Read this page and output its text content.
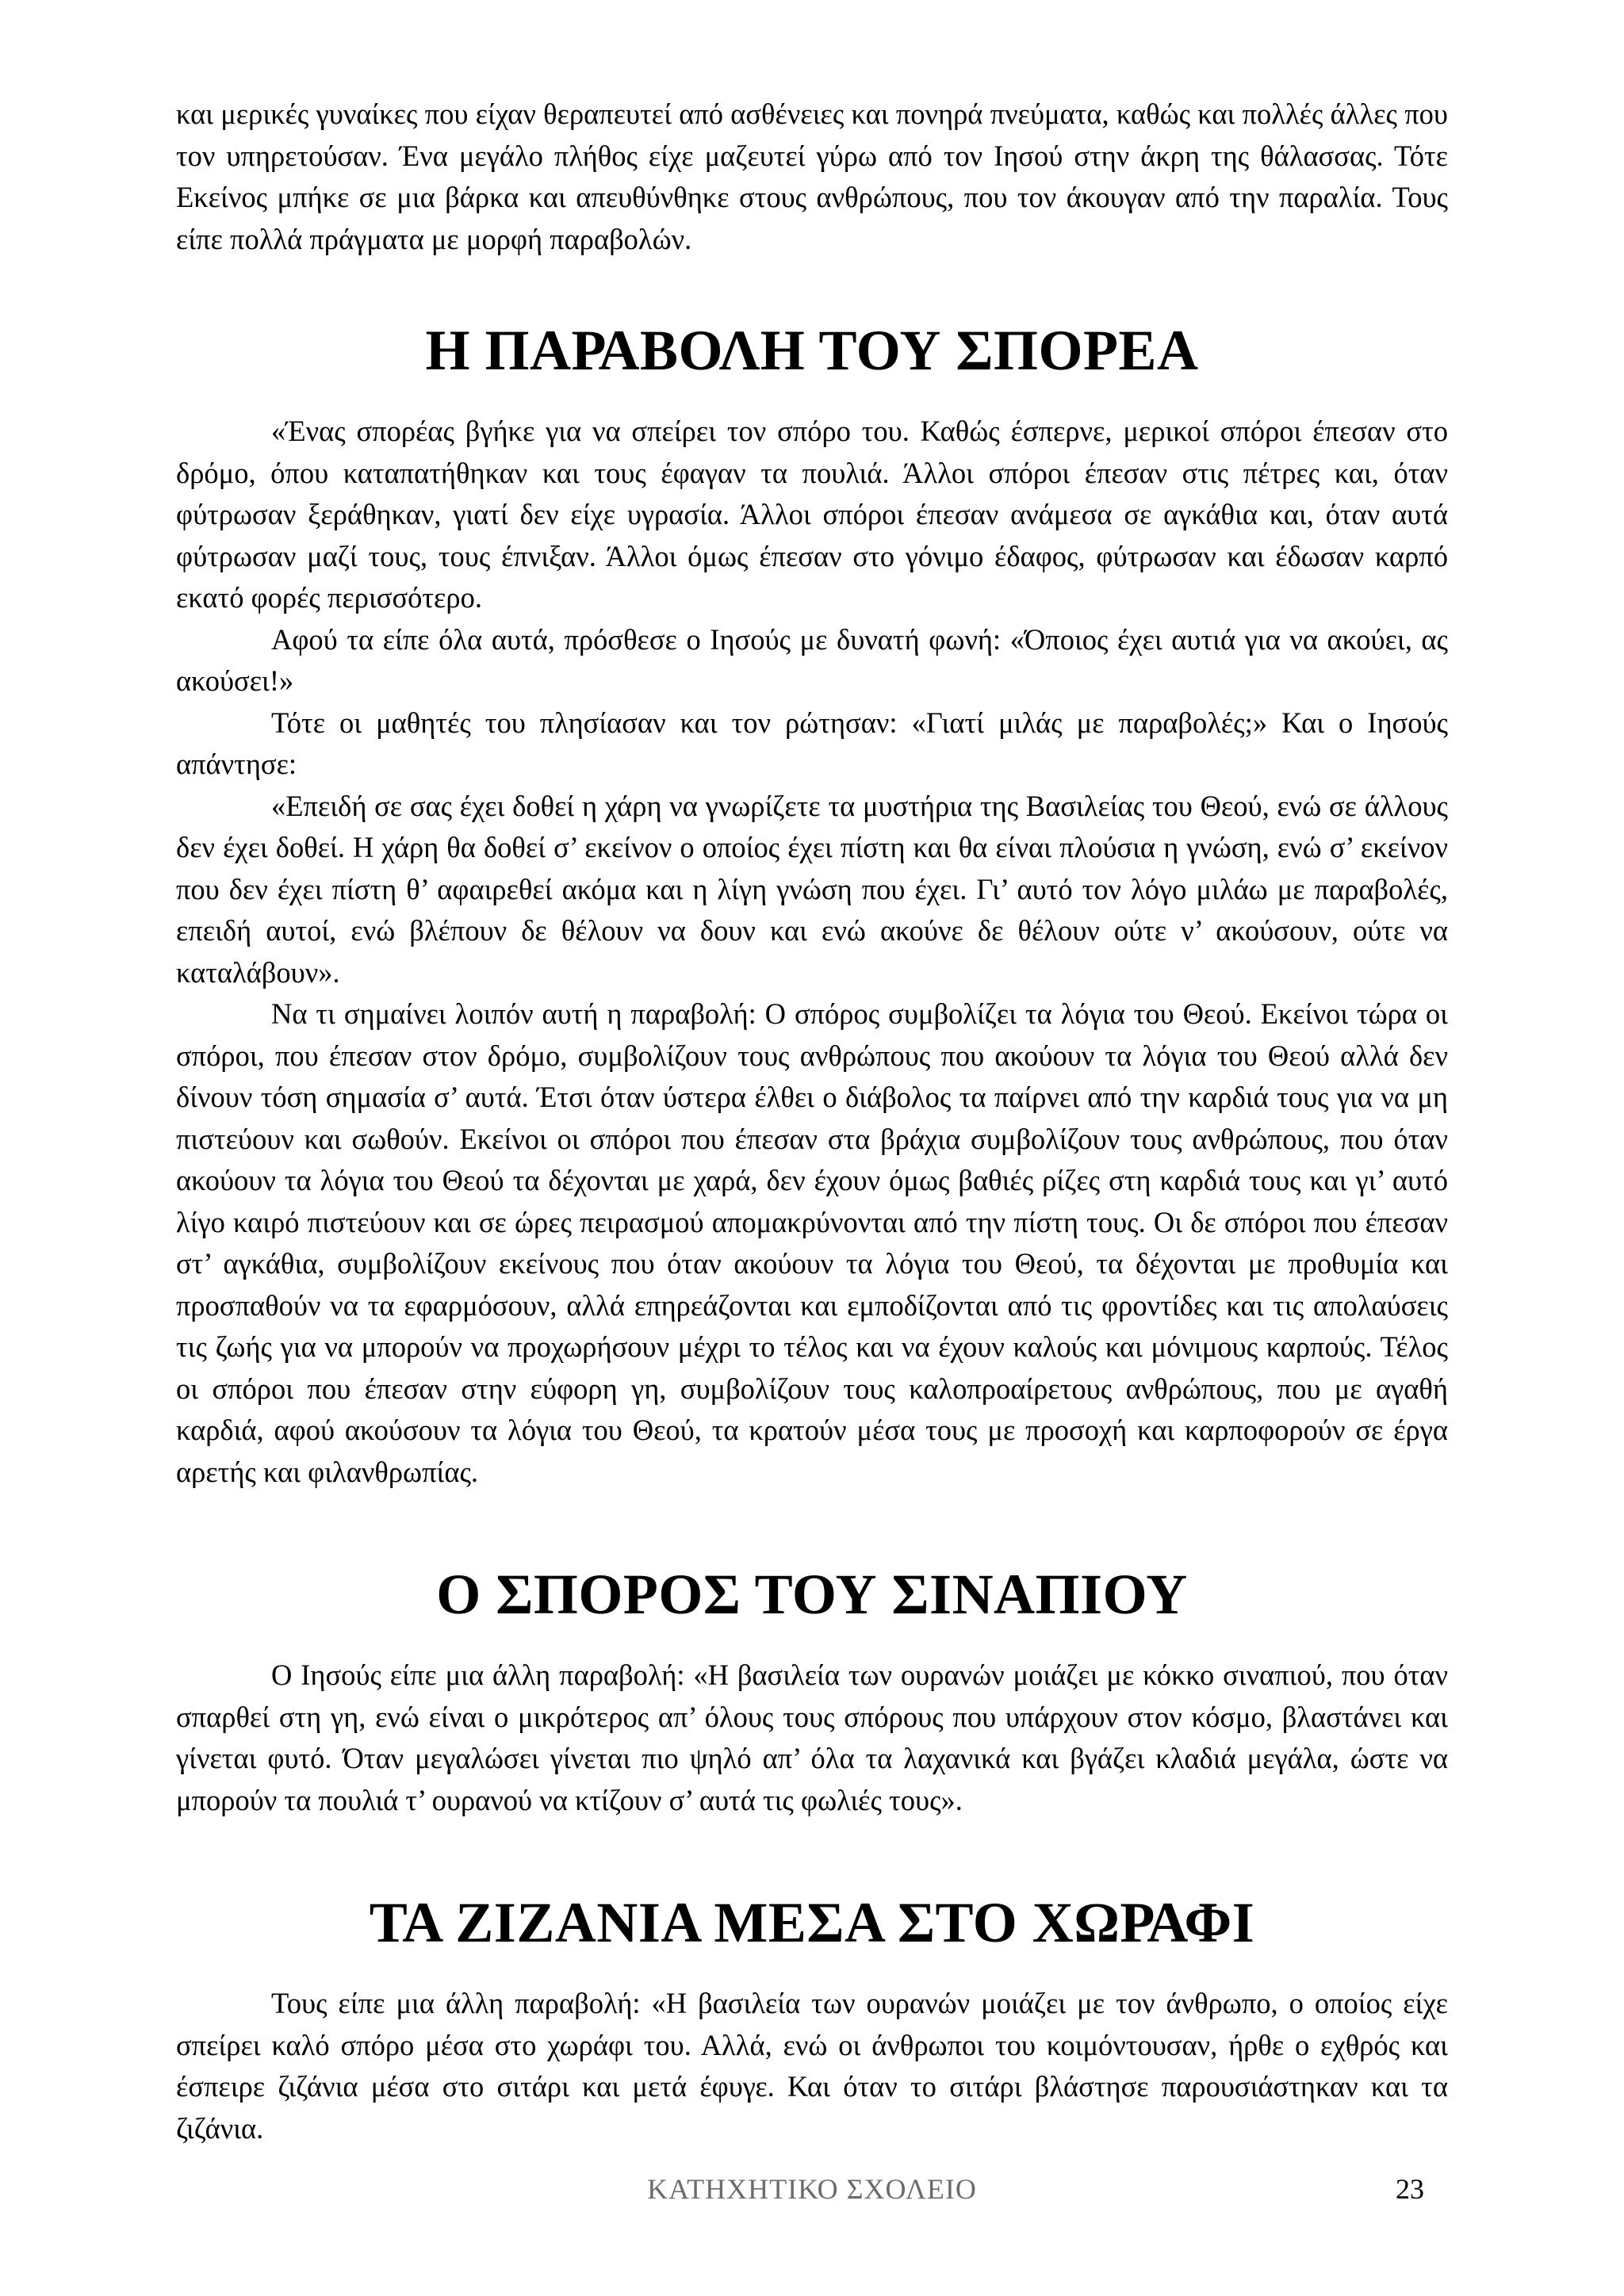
και μερικές γυναίκες που είχαν θεραπευτεί από ασθένειες και πονηρά πνεύματα, καθώς και πολλές άλλες που τον υπηρετούσαν. Ένα μεγάλο πλήθος είχε μαζευτεί γύρω από τον Ιησού στην άκρη της θάλασσας. Τότε Εκείνος μπήκε σε μια βάρκα και απευθύνθηκε στους ανθρώπους, που τον άκουγαν από την παραλία. Τους είπε πολλά πράγματα με μορφή παραβολών.

Η ΠΑΡΑΒΟΛΗ ΤΟΥ ΣΠΟΡΕΑ

«Ένας σπορέας βγήκε για να σπείρει τον σπόρο του. Καθώς έσπερνε, μερικοί σπόροι έπεσαν στο δρόμο, όπου καταπατήθηκαν και τους έφαγαν τα πουλιά. Άλλοι σπόροι έπεσαν στις πέτρες και, όταν φύτρωσαν ξεράθηκαν, γιατί δεν είχε υγρασία. Άλλοι σπόροι έπεσαν ανάμεσα σε αγκάθια και, όταν αυτά φύτρωσαν μαζί τους, τους έπνιξαν. Άλλοι όμως έπεσαν στο γόνιμο έδαφος, φύτρωσαν και έδωσαν καρπό εκατό φορές περισσότερο.

Αφού τα είπε όλα αυτά, πρόσθεσε ο Ιησούς με δυνατή φωνή: «Όποιος έχει αυτιά για να ακούει, ας ακούσει!»

Τότε οι μαθητές του πλησίασαν και τον ρώτησαν: «Γιατί μιλάς με παραβολές;» Και ο Ιησούς απάντησε:

«Επειδή σε σας έχει δοθεί η χάρη να γνωρίζετε τα μυστήρια της Βασιλείας του Θεού, ενώ σε άλλους δεν έχει δοθεί. Η χάρη θα δοθεί σ’ εκείνον ο οποίος έχει πίστη και θα είναι πλούσια η γνώση, ενώ σ’ εκείνον που δεν έχει πίστη θ’ αφαιρεθεί ακόμα και η λίγη γνώση που έχει. Γι’ αυτό τον λόγο μιλάω με παραβολές, επειδή αυτοί, ενώ βλέπουν δε θέλουν να δουν και ενώ ακούνε δε θέλουν ούτε ν’ ακούσουν, ούτε να καταλάβουν».

Να τι σημαίνει λοιπόν αυτή η παραβολή: Ο σπόρος συμβολίζει τα λόγια του Θεού. Εκείνοι τώρα οι σπόροι, που έπεσαν στον δρόμο, συμβολίζουν τους ανθρώπους που ακούουν τα λόγια του Θεού αλλά δεν δίνουν τόση σημασία σ’ αυτά. Έτσι όταν ύστερα έλθει ο διάβολος τα παίρνει από την καρδιά τους για να μη πιστεύουν και σωθούν. Εκείνοι οι σπόροι που έπεσαν στα βράχια συμβολίζουν τους ανθρώπους, που όταν ακούουν τα λόγια του Θεού τα δέχονται με χαρά, δεν έχουν όμως βαθιές ρίζες στη καρδιά τους και γι’ αυτό λίγο καιρό πιστεύουν και σε ώρες πειρασμού απομακρύνονται από την πίστη τους. Οι δε σπόροι που έπεσαν στ’ αγκάθια, συμβολίζουν εκείνους που όταν ακούουν τα λόγια του Θεού, τα δέχονται με προθυμία και προσπαθούν να τα εφαρμόσουν, αλλά επηρεάζονται και εμποδίζονται από τις φροντίδες και τις απολαύσεις τις ζωής για να μπορούν να προχωρήσουν μέχρι το τέλος και να έχουν καλούς και μόνιμους καρπούς. Τέλος οι σπόροι που έπεσαν στην εύφορη γη, συμβολίζουν τους καλοπροαίρετους ανθρώπους, που με αγαθή καρδιά, αφού ακούσουν τα λόγια του Θεού, τα κρατούν μέσα τους με προσοχή και καρποφορούν σε έργα αρετής και φιλανθρωπίας.

Ο ΣΠΟΡΟΣ ΤΟΥ ΣΙΝΑΠΙΟΥ

Ο Ιησούς είπε μια άλλη παραβολή: «Η βασιλεία των ουρανών μοιάζει με κόκκο σιναπιού, που όταν σπαρθεί στη γη, ενώ είναι ο μικρότερος απ’ όλους τους σπόρους που υπάρχουν στον κόσμο, βλαστάνει και γίνεται φυτό. Όταν μεγαλώσει γίνεται πιο ψηλό απ’ όλα τα λαχανικά και βγάζει κλαδιά μεγάλα, ώστε να μπορούν τα πουλιά τ’ ουρανού να κτίζουν σ’ αυτά τις φωλιές τους».

ΤΑ ΖΙΖΑΝΙΑ ΜΕΣΑ ΣΤΟ ΧΩΡΑΦΙ

Τους είπε μια άλλη παραβολή: «Η βασιλεία των ουρανών μοιάζει με τον άνθρωπο, ο οποίος είχε σπείρει καλό σπόρο μέσα στο χωράφι του. Αλλά, ενώ οι άνθρωποι του κοιμόντουσαν, ήρθε ο εχθρός και έσπειρε ζιζάνια μέσα στο σιτάρι και μετά έφυγε. Και όταν το σιτάρι βλάστησε παρουσιάστηκαν και τα ζιζάνια.

ΚΑΤΗΧΗΤΙΚΟ ΣΧΟΛΕΙΟ	23
